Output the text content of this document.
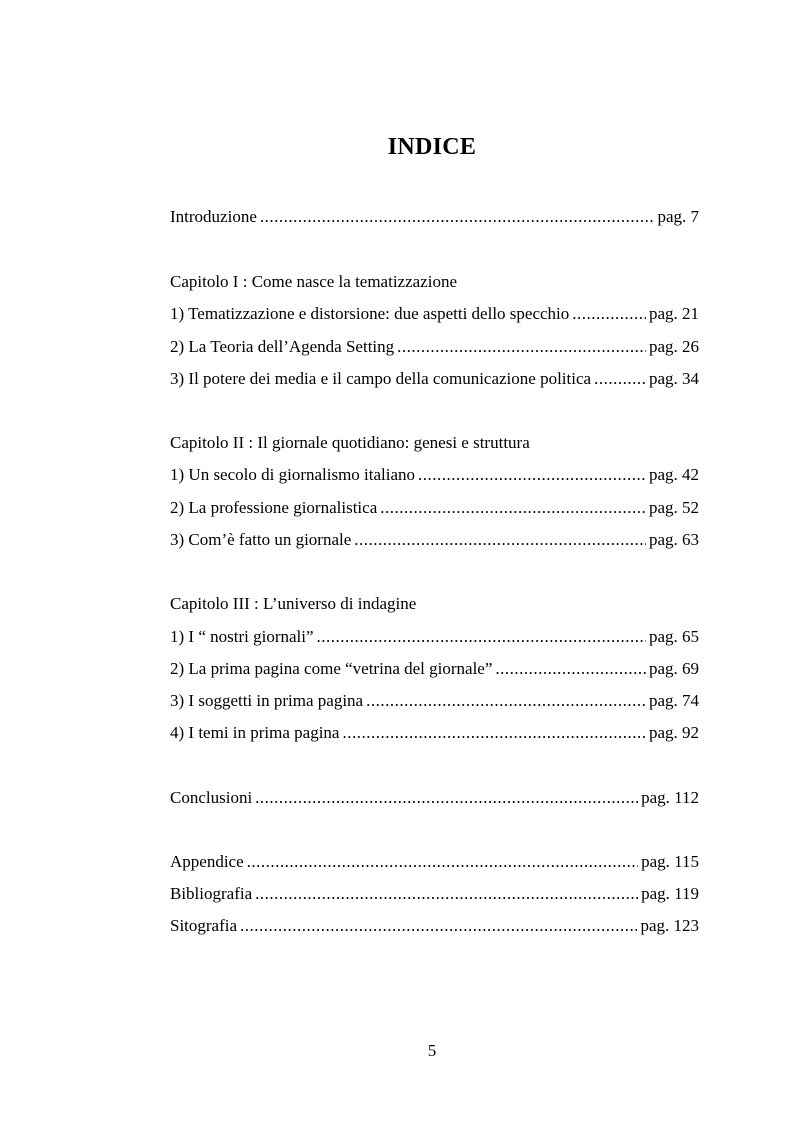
INDICE
Introduzione .....	pag. 7
Capitolo I : Come nasce la tematizzazione
1) Tematizzazione e distorsione: due aspetti dello specchio .....	pag. 21
2) La Teoria dell’Agenda Setting .....	pag. 26
3) Il potere dei media e il campo della comunicazione politica .....	pag. 34
Capitolo II : Il giornale quotidiano: genesi e struttura
1) Un secolo di giornalismo italiano .....	pag. 42
2) La professione giornalistica .....	pag. 52
3) Com’è fatto un giornale .....	pag. 63
Capitolo III : L’universo di indagine
1) I “ nostri giornali” .....	pag. 65
2) La prima pagina come “vetrina del giornale” .....	pag. 69
3) I soggetti in prima pagina .....	pag. 74
4) I temi in prima pagina .....	pag. 92
Conclusioni .....	pag. 112
Appendice .....	pag. 115
Bibliografia .....	pag. 119
Sitografia .....	pag. 123
5
